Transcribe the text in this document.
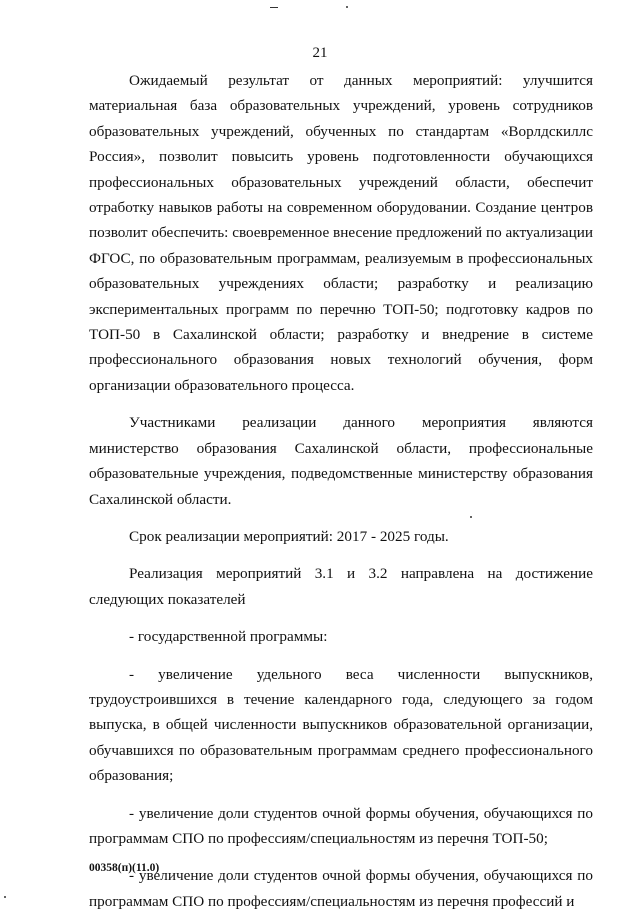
21

Ожидаемый результат от данных мероприятий: улучшится материальная база образовательных учреждений, уровень сотрудников образовательных учреждений, обученных по стандартам «Ворлдскиллс Россия», позволит повысить уровень подготовленности обучающихся профессиональных образовательных учреждений области, обеспечит отработку навыков работы на современном оборудовании. Создание центров позволит обеспечить: своевременное внесение предложений по актуализации ФГОС, по образовательным программам, реализуемым в профессиональных образовательных учреждениях области; разработку и реализацию экспериментальных программ по перечню ТОП-50; подготовку кадров по ТОП-50 в Сахалинской области; разработку и внедрение в системе профессионального образования новых технологий обучения, форм организации образовательного процесса.

Участниками реализации данного мероприятия являются министерство образования Сахалинской области, профессиональные образовательные учреждения, подведомственные министерству образования Сахалинской области.

Срок реализации мероприятий: 2017 - 2025 годы.

Реализация мероприятий 3.1 и 3.2 направлена на достижение следующих показателей

- государственной программы:

- увеличение удельного веса численности выпускников, трудоустроившихся в течение календарного года, следующего за годом выпуска, в общей численности выпускников образовательной организации, обучавшихся по образовательным программам среднего профессионального образования;

- увеличение доли студентов очной формы обучения, обучающихся по программам СПО по профессиям/специальностям из перечня ТОП-50;

- увеличение доли студентов очной формы обучения, обучающихся по программам СПО по профессиям/специальностям из перечня профессий и

00358(п)(11.0)
